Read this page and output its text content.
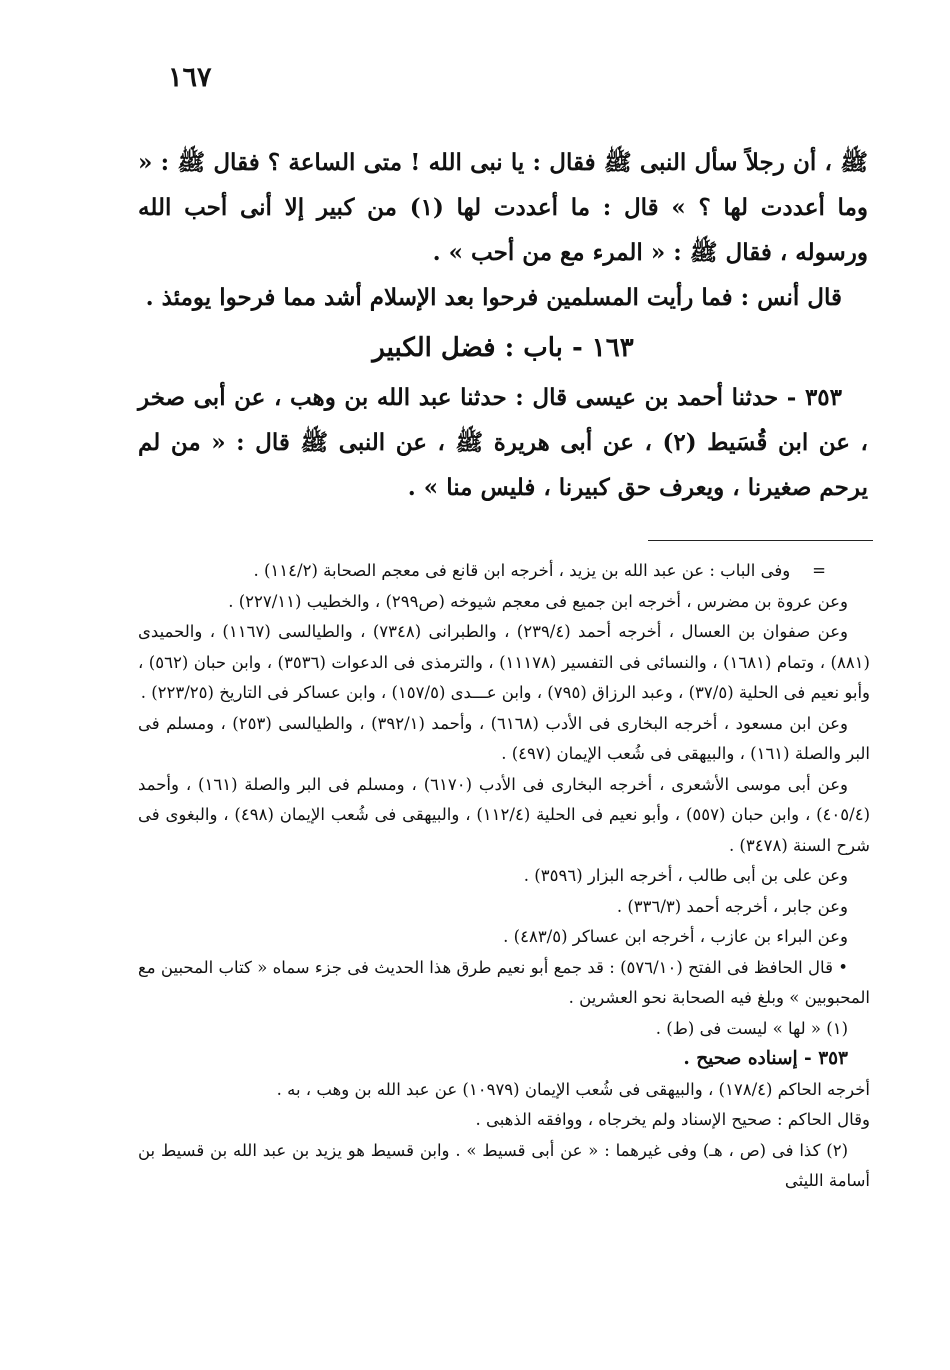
١٦٧

ﷺ ، أن رجلاً سأل النبى ﷺ فقال : يا نبى الله ! متى الساعة ؟ فقال ﷺ : « وما أعددت لها ؟ » قال : ما أعددت لها (١) من كبير إلا أنى أحب الله ورسوله ، فقال ﷺ : « المرء مع من أحب » .

قال أنس : فما رأيت المسلمين فرحوا بعد الإسلام أشد مما فرحوا يومئذ .

١٦٣ - باب : فضل الكبير

٣٥٣ - حدثنا أحمد بن عيسى قال : حدثنا عبد الله بن وهب ، عن أبى صخر ، عن ابن قُسَيط (٢) ، عن أبى هريرة ﷺ ، عن النبى ﷺ قال : « من لم يرحم صغيرنا ، ويعرف حق كبيرنا ، فليس منا » .

=وفى الباب : عن عبد الله بن يزيد ، أخرجه ابن قانع فى معجم الصحابة (١١٤/٢) .

وعن عروة بن مضرس ، أخرجه ابن جميع فى معجم شيوخه (ص٢٩٩) ، والخطيب (٢٢٧/١١) .

وعن صفوان بن العسال ، أخرجه أحمد (٢٣٩/٤) ، والطبرانى (٧٣٤٨) ، والطيالسى (١١٦٧) ، والحميدى (٨٨١) ، وتمام (١٦٨١) ، والنسائى فى التفسير (١١١٧٨) ، والترمذى فى الدعوات (٣٥٣٦) ، وابن حبان (٥٦٢) ، وأبو نعيم فى الحلية (٣٧/٥) ، وعبد الرزاق (٧٩٥) ، وابن عـــدى (١٥٧/٥) ، وابن عساكر فى التاريخ (٢٢٣/٢٥) .

وعن ابن مسعود ، أخرجه البخارى فى الأدب (٦١٦٨) ، وأحمد (٣٩٢/١) ، والطيالسى (٢٥٣) ، ومسلم فى البر والصلة (١٦١) ، والبيهقى فى شُعب الإيمان (٤٩٧) .

وعن أبى موسى الأشعرى ، أخرجه البخارى فى الأدب (٦١٧٠) ، ومسلم فى البر والصلة (١٦١) ، وأحمد (٤٠٥/٤) ، وابن حبان (٥٥٧) ، وأبو نعيم فى الحلية (١١٢/٤) ، والبيهقى فى شُعب الإيمان (٤٩٨) ، والبغوى فى شرح السنة (٣٤٧٨) .

وعن على بن أبى طالب ، أخرجه البزار (٣٥٩٦) .

وعن جابر ، أخرجه أحمد (٣٣٦/٣) .

وعن البراء بن عازب ، أخرجه ابن عساكر (٤٨٣/٥) .

• قال الحافظ فى الفتح (٥٧٦/١٠) : قد جمع أبو نعيم طرق هذا الحديث فى جزء سماه « كتاب المحبين مع المحبوبين » وبلغ فيه الصحابة نحو العشرين .

(١) « لها » ليست فى (ط) .

٣٥٣ - إسناده صحيح .

أخرجه الحاكم (١٧٨/٤) ، والبيهقى فى شُعب الإيمان (١٠٩٧٩) عن عبد الله بن وهب ، به .

وقال الحاكم : صحيح الإسناد ولم يخرجاه ، ووافقه الذهبى .

(٢) كذا فى (ص ، هـ) وفى غيرهما : « عن أبى قسيط » . وابن قسيط هو يزيد بن عبد الله بن قسيط بن أسامة الليثى
